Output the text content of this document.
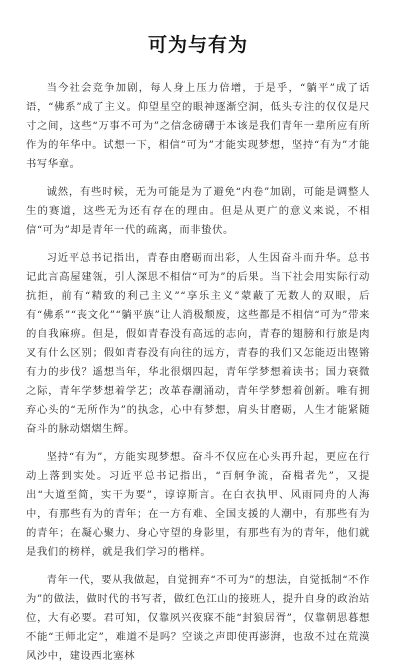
可为与有为

当今社会竞争加剧，每人身上压力倍增，于是乎，“躺平”成了话语，“佛系”成了主义。仰望星空的眼神逐渐空洞，低头专注的仅仅是尺寸之间，这些“万事不可为”之信念磅礴于本该是我们青年一辈所应有所作为的年华中。试想一下，相信“可为”才能实现梦想，坚持“有为”才能书写华章。

诚然，有些时候，无为可能是为了避免“内卷”加剧，可能是调整人生的赛道，这些无为还有存在的理由。但是从更广的意义来说，不相信“可为”却是青年一代的疏离，而非蛰伏。

习近平总书记指出，青春由磨砺而出彩，人生因奋斗而升华。总书记此言高屋建瓴，引人深思不相信“可为”的后果。当下社会用实际行动抗拒，前有“精致的利己主义”“享乐主义”蒙蔽了无数人的双眼，后有“佛系”“丧文化”“躺平族”让人消极颓废，这些都是不相信“可为”带来的自我麻痹。但是，假如青春没有高远的志向，青春的翅膀和行旅是肉叉有什么区别；假如青春没有向往的远方，青春的我们又怎能迈出铿锵有力的步伐？遥想当年，华北很烟四起，青年学梦想着读书；国力衰微之际，青年学梦想着学艺；改革春潮涌动，青年学梦想着创新。唯有拥弃心头的“无所作为”的执念，心中有梦想，肩头甘磨砺，人生才能紧随奋斗的脉动熠熠生辉。

坚持“有为”，方能实现梦想。奋斗不仅应在心头再升起，更应在行动上落到实处。习近平总书记指出，“百舸争流，奋楫者先”，又提出“大道至简，实干为要”，谆谆斯言。在白衣执甲、风雨同舟的人海中，有那些有为的青年；在一方有难、全国支援的人潮中，有那些有为的青年；在凝心聚力、身心守望的身影里，有那些有为的青年，他们就是我们的榜样，就是我们学习的楷样。

青年一代，要从我做起，自觉拥弃“不可为”的想法，自觉抵制“不作为”的做法，做时代的书写者，做红色江山的接班人，提升自身的政治站位，大有必要。君可知，仅靠夙兴夜寐不能“封狼居胥”，仅靠朝思暮想不能“王师北定”，难道不是吗？空谈之声即使再澎湃，也敌不过在荒漠风沙中，建设西北塞林
